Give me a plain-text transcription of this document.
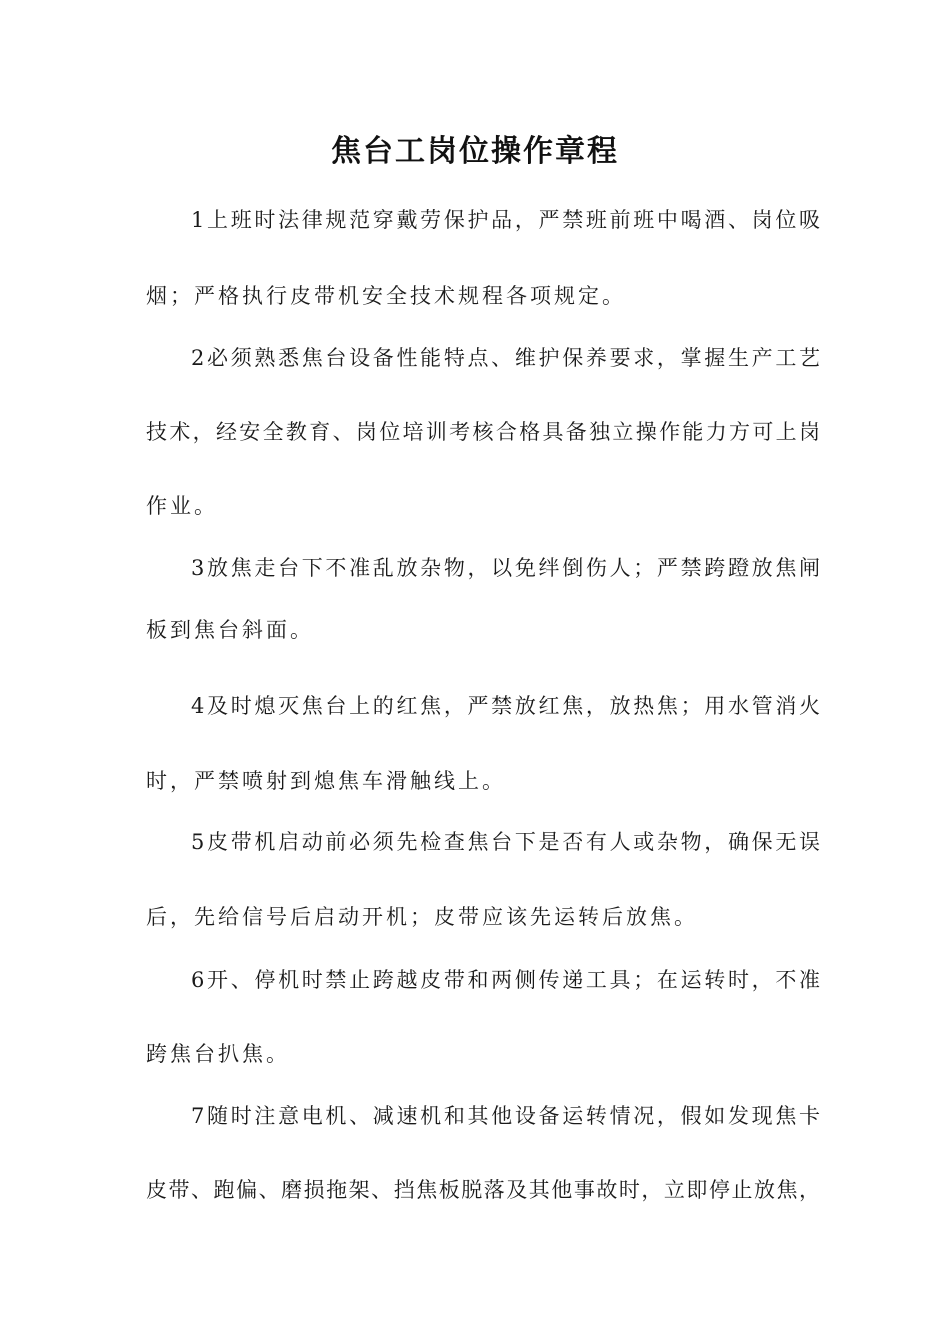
焦台工岗位操作章程
1上班时法律规范穿戴劳保护品，严禁班前班中喝酒、岗位吸
烟；严格执行皮带机安全技术规程各项规定。
2必须熟悉焦台设备性能特点、维护保养要求，掌握生产工艺
技术，经安全教育、岗位培训考核合格具备独立操作能力方可上岗
作业。
3放焦走台下不准乱放杂物，以免绊倒伤人；严禁跨蹬放焦闸
板到焦台斜面。
4及时熄灭焦台上的红焦，严禁放红焦，放热焦；用水管消火
时，严禁喷射到熄焦车滑触线上。
5皮带机启动前必须先检查焦台下是否有人或杂物，确保无误
后，先给信号后启动开机；皮带应该先运转后放焦。
6开、停机时禁止跨越皮带和两侧传递工具；在运转时，不准
跨焦台扒焦。
7随时注意电机、减速机和其他设备运转情况，假如发现焦卡
皮带、跑偏、磨损拖架、挡焦板脱落及其他事故时，立即停止放焦，
